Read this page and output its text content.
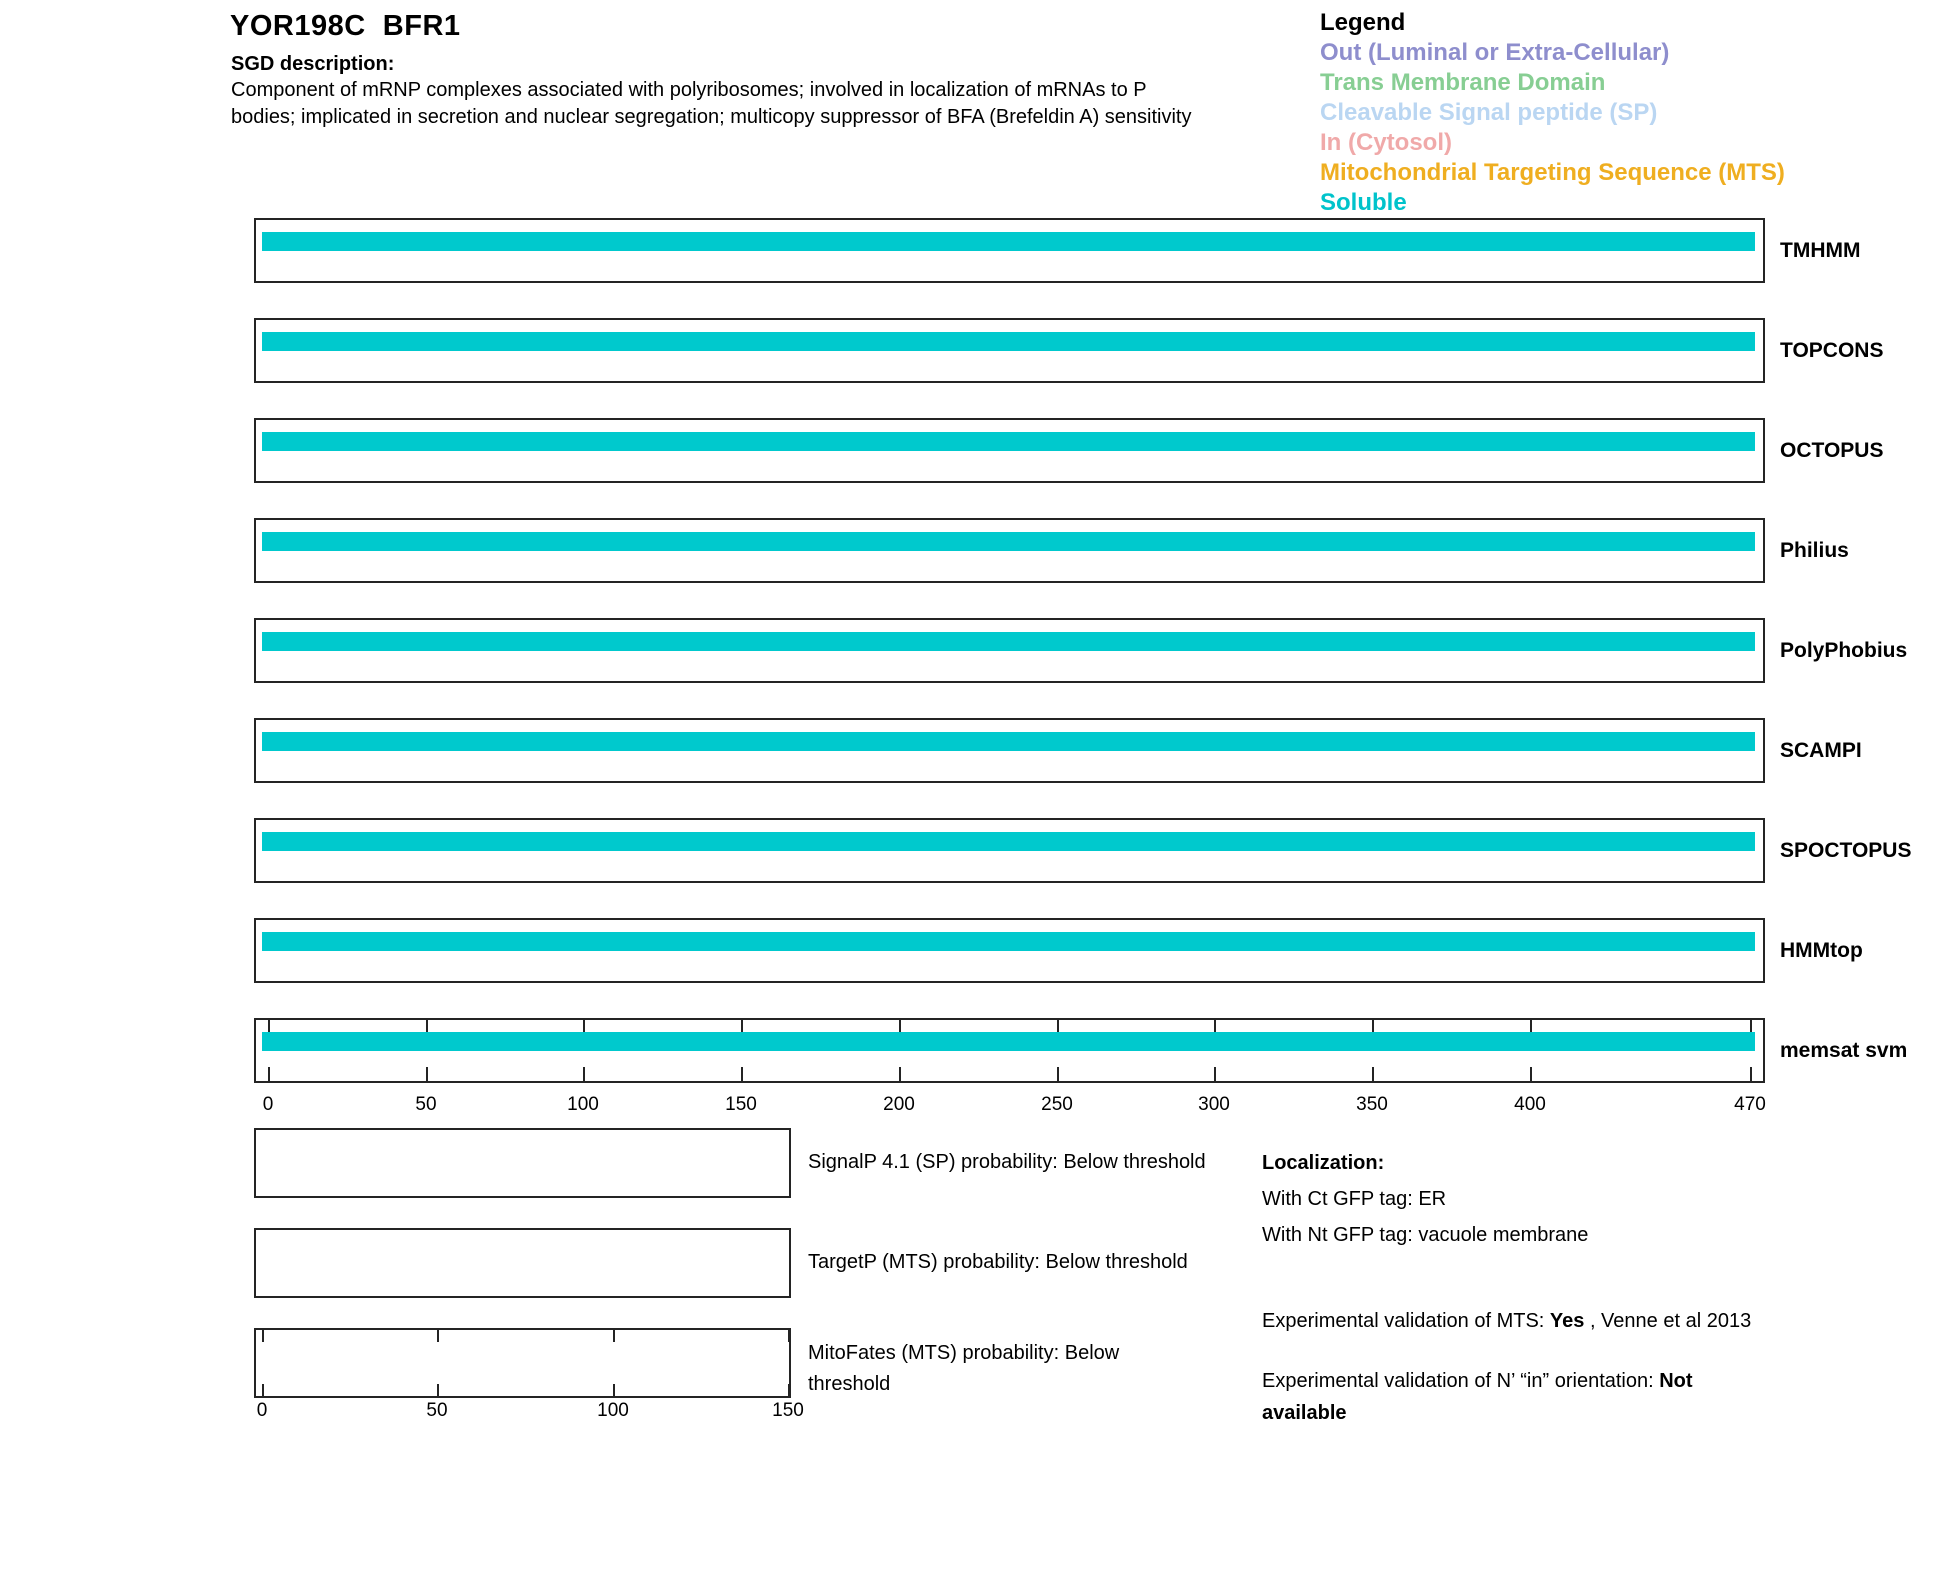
YOR198C  BFR1
SGD description:
Component of mRNP complexes associated with polyribosomes; involved in localization of mRNAs to P
bodies; implicated in secretion and nuclear segregation; multicopy suppressor of BFA (Brefeldin A) sensitivity
Legend
Out (Luminal or Extra-Cellular)
Trans Membrane Domain
Cleavable Signal peptide (SP)
In (Cytosol)
Mitochondrial Targeting Sequence (MTS)
Soluble
TMHMM
TOPCONS
OCTOPUS
Philius
PolyPhobius
SCAMPI
SPOCTOPUS
HMMtop
memsat svm
0	50	100	150	200	250	300	350	400	470
SignalP 4.1 (SP) probability: Below threshold
TargetP (MTS) probability: Below threshold
MitoFates (MTS) probability: Below
threshold
0	50	100	150
Localization:
With Ct GFP tag: ER
With Nt GFP tag: vacuole membrane
Experimental validation of MTS: Yes , Venne et al 2013
Experimental validation of N’ “in” orientation: Not
available
